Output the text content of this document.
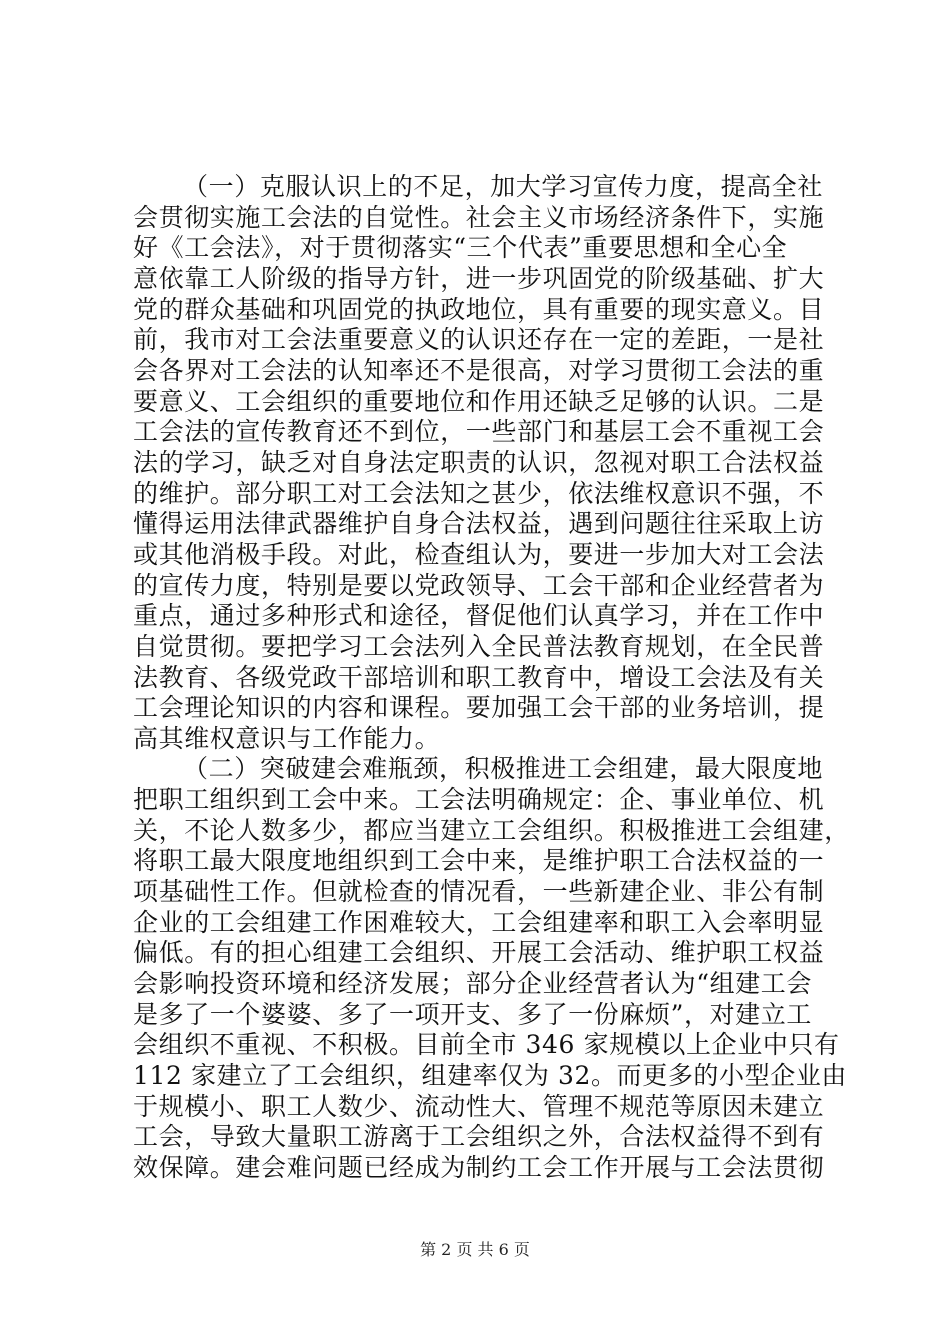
（一）克服认识上的不足，加大学习宣传力度，提高全社
会贯彻实施工会法的自觉性。社会主义市场经济条件下，实施
好《工会法》，对于贯彻落实“三个代表”重要思想和全心全
意依靠工人阶级的指导方针，进一步巩固党的阶级基础、扩大
党的群众基础和巩固党的执政地位，具有重要的现实意义。目
前，我市对工会法重要意义的认识还存在一定的差距，一是社
会各界对工会法的认知率还不是很高，对学习贯彻工会法的重
要意义、工会组织的重要地位和作用还缺乏足够的认识。二是
工会法的宣传教育还不到位，一些部门和基层工会不重视工会
法的学习，缺乏对自身法定职责的认识，忽视对职工合法权益
的维护。部分职工对工会法知之甚少，依法维权意识不强，不
懂得运用法律武器维护自身合法权益，遇到问题往往采取上访
或其他消极手段。对此，检查组认为，要进一步加大对工会法
的宣传力度，特别是要以党政领导、工会干部和企业经营者为
重点，通过多种形式和途径，督促他们认真学习，并在工作中
自觉贯彻。要把学习工会法列入全民普法教育规划，在全民普
法教育、各级党政干部培训和职工教育中，增设工会法及有关
工会理论知识的内容和课程。要加强工会干部的业务培训，提
高其维权意识与工作能力。
（二）突破建会难瓶颈，积极推进工会组建，最大限度地
把职工组织到工会中来。工会法明确规定：企、事业单位、机
关，不论人数多少，都应当建立工会组织。积极推进工会组建，
将职工最大限度地组织到工会中来，是维护职工合法权益的一
项基础性工作。但就检查的情况看，一些新建企业、非公有制
企业的工会组建工作困难较大，工会组建率和职工入会率明显
偏低。有的担心组建工会组织、开展工会活动、维护职工权益
会影响投资环境和经济发展；部分企业经营者认为“组建工会
是多了一个婆婆、多了一项开支、多了一份麻烦”，对建立工
会组织不重视、不积极。目前全市 346 家规模以上企业中只有
112 家建立了工会组织，组建率仅为 32。而更多的小型企业由
于规模小、职工人数少、流动性大、管理不规范等原因未建立
工会，导致大量职工游离于工会组织之外，合法权益得不到有
效保障。建会难问题已经成为制约工会工作开展与工会法贯彻
第 2 页 共 6 页
